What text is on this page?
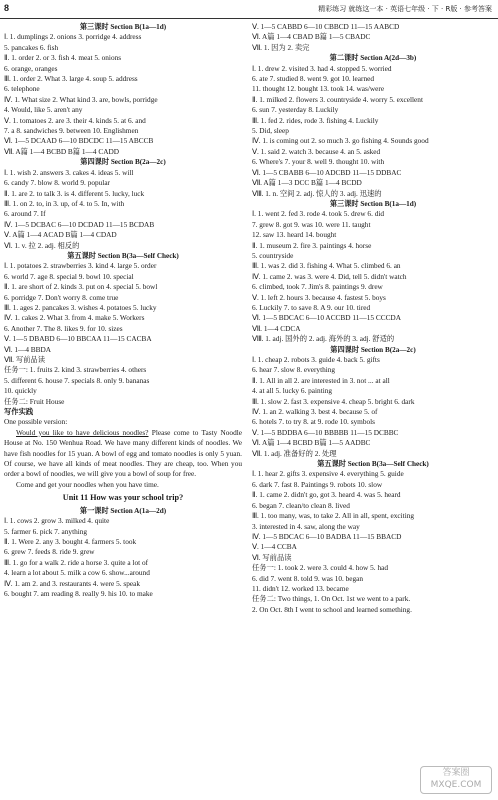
8	精彩练习 就练这一本 · 英语七年级 · 下 · R版 · 参考答案
第三课时 Section B(1a—1d)
Ⅰ. 1. dumplings 2. onions 3. porridge 4. address
5. pancakes 6. fish
Ⅱ. 1. order 2. or 3. fish 4. meat 5. onions
6. orange, oranges
Ⅲ. 1. order 2. What 3. large 4. soup 5. address
6. telephone
Ⅳ. 1. What size 2. What kind 3. are, bowls, porridge
4. Would, like 5. aren't any
Ⅴ. 1. tomatoes 2. are 3. their 4. kinds 5. at 6. and
7. a 8. sandwiches 9. between 10. Englishmen
Ⅵ. 1—5 DCAAD 6—10 BDCDC 11—15 ABCCB
Ⅶ. A篇 1—4 BCBD B篇 1—4 CADD
第四课时 Section B(2a—2c)
Ⅰ. 1. wish 2. answers 3. cakes 4. ideas 5. will
6. candy 7. blow 8. world 9. popular
Ⅱ. 1. are 2. to talk 3. is 4. different 5. lucky, luck
Ⅲ. 1. on 2. to, in 3. up, of 4. to 5. In, with
6. around 7. If
Ⅳ. 1—5 DCBAC 6—10 DCDAD 11—15 BCDAB
Ⅴ. A篇 1—4 ACAD B篇 1—4 CDAD
Ⅵ. 1. v. 拉 2. adj. 相反的
第五课时 Section B(3a—Self Check)
Ⅰ. 1. potatoes 2. strawberries 3. kind 4. large 5. order
6. world 7. age 8. special 9. bowl 10. special
Ⅱ. 1. are short of 2. kinds 3. put on 4. special 5. bowl
6. porridge 7. Don't worry 8. come true
Ⅲ. 1. ages 2. pancakes 3. wishes 4. potatoes 5. lucky
Ⅳ. 1. cakes 2. What 3. from 4. make 5. Workers
6. Another 7. The 8. likes 9. for 10. sizes
Ⅴ. 1—5 DBABD 6—10 BBCAA 11—15 CACBA
Ⅵ. 1—4 BBDA
Ⅶ. 写前品读
任务一: 1. fruits 2. kind 3. strawberries 4. others
5. different 6. house 7. specials 8. only 9. bananas
10. quickly
任务二: Fruit House
写作实践
One possible version:
Would you like to have delicious noodles? Please come to Tasty Noodle House at No. 150 Wenhua Road. We have many different kinds of noodles. We have fish noodles for 15 yuan. A bowl of egg and tomato noodles is only 5 yuan. Of course, we have all kinds of meat noodles. They are cheap, too. When you order a bowl of noodles, we will give you a bowl of soup for free.
Come and get your noodles when you have time.
Unit 11 How was your school trip?
第一课时 Section A(1a—2d)
Ⅰ. 1. cows 2. grow 3. milked 4. quite
5. farmer 6. pick 7. anything
Ⅱ. 1. Were 2. any 3. bought 4. farmers 5. took
6. grew 7. feeds 8. ride 9. grew
Ⅲ. 1. go for a walk 2. ride a horse 3. quite a lot of
4. learn a lot about 5. milk a cow 6. show...around
Ⅳ. 1. am 2. and 3. restaurants 4. were 5. speak
6. bought 7. am reading 8. really 9. his 10. to make
Ⅴ. 1—5 CABBD 6—10 CBBCD 11—15 AABCD
Ⅵ. A篇 1—4 CBAD B篇 1—5 CBADC
Ⅶ. 1. 因为 2. 卖完
第二课时 Section A(2d—3b)
Ⅰ. 1. drew 2. visited 3. had 4. stopped 5. worried
6. ate 7. studied 8. went 9. got 10. learned
11. thought 12. bought 13. took 14. was/were
Ⅱ. 1. milked 2. flowers 3. countryside 4. worry 5. excellent
6. sun 7. yesterday 8. Luckily
Ⅲ. 1. fed 2. rides, rode 3. fishing 4. Luckily
5. Did, sleep
Ⅳ. 1. is coming out 2. so much 3. go fishing 4. Sounds good
Ⅴ. 1. said 2. watch 3. because 4. an 5. asked
6. Where's 7. your 8. well 9. thought 10. with
Ⅵ. 1—5 CBABB 6—10 ADCBD 11—15 DDBAC
Ⅶ. A篇 1—3 DCC B篇 1—4 BCDD
Ⅷ. 1. n. 空间 2. adj. 惊人的 3. adj. 迅速的
第三课时 Section B(1a—1d)
Ⅰ. 1. went 2. fed 3. rode 4. took 5. drew 6. did
7. grew 8. got 9. was 10. were 11. taught
12. saw 13. heard 14. bought
Ⅱ. 1. museum 2. fire 3. paintings 4. horse
5. countryside
Ⅲ. 1. was 2. did 3. fishing 4. What 5. climbed 6. an
Ⅳ. 1. came 2. was 3. were 4. Did, tell 5. didn't watch
6. climbed, took 7. Jim's 8. paintings 9. drew
Ⅴ. 1. left 2. hours 3. because 4. fastest 5. boys
6. Luckily 7. to save 8. A 9. our 10. tired
Ⅵ. 1—5 BDCAC 6—10 ACCBD 11—15 CCCDA
Ⅶ. 1—4 CDCA
Ⅷ. 1. adj. 国外的 2. adj. 海外的 3. adj. 舒适的
第四课时 Section B(2a—2c)
Ⅰ. 1. cheap 2. robots 3. guide 4. back 5. gifts
6. hear 7. slow 8. everything
Ⅱ. 1. All in all 2. are interested in 3. not ... at all
4. at all 5. lucky 6. painting
Ⅲ. 1. slow 2. fast 3. expensive 4. cheap 5. bright 6. dark
Ⅳ. 1. an 2. walking 3. best 4. because 5. of
6. hotels 7. to try 8. at 9. rode 10. symbols
Ⅴ. 1—5 BDDBA 6—10 BBBBB 11—15 DCBBC
Ⅵ. A篇 1—4 BCBD B篇 1—5 AADBC
Ⅶ. 1. adj. 准备好的 2. 处理
第五课时 Section B(3a—Self Check)
Ⅰ. 1. hear 2. gifts 3. expensive 4. everything 5. guide
6. dark 7. fast 8. Paintings 9. robots 10. slow
Ⅱ. 1. came 2. didn't go, got 3. heard 4. was 5. heard
6. began 7. clean/to clean 8. lived
Ⅲ. 1. too many, was, to take 2. All in all, spent, exciting
3. interested in 4. saw, along the way
Ⅳ. 1—5 BDCAC 6—10 BADBA 11—15 BBACD
Ⅴ. 1—4 CCBA
Ⅵ. 写前品读
任务一: 1. took 2. were 3. could 4. how 5. had
6. did 7. went 8. told 9. was 10. began
11. didn't 12. worked 13. became
任务二: Two things, 1. On Oct. 1st we went to a park.
2. On Oct. 8th I went to school and learned something.
答案圈
MXQE.COM
